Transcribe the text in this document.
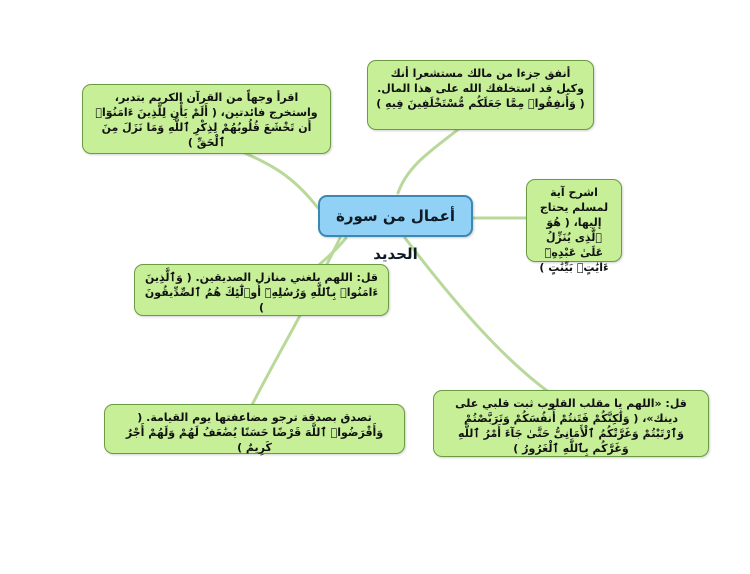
أنفق جزءا من مالك مستشعرا أنك وكيل قد استخلفك الله على هذا المال. ( وَأَنفِقُوا۟ مِمَّا جَعَلَكُم مُّسْتَخْلَفِينَ فِيهِ )

اقرأ وجهاً من القرآن الكريم بتدبر، واستخرج فائدتين، ( أَلَمْ يَأْنِ لِلَّذِينَ ءَامَنُوٓا۟ أَن تَخْشَعَ قُلُوبُهُمْ لِذِكْرِ ٱللَّهِ وَمَا نَزَلَ مِنَ ٱلْحَقِّ )

اشرح آية لمسلم يحتاج إليها، ( هُوَ ٱلَّذِى يُنَزِّلُ عَلَىٰ عَبْدِهِۦٓ ءَايَٰتٍۭ بَيِّنَٰتٍ )

أعمال من سورة الحديد

قل: اللهم بلغني منازل الصديقين. ( وَٱلَّذِينَ ءَامَنُوا۟ بِٱللَّهِ وَرُسُلِهِۦٓ أُو۟لَٰٓئِكَ هُمُ ٱلصِّدِّيقُونَ )

تصدق بصدقة ترجو مضاعفتها يوم القيامة. ( وَأَقْرَضُوا۟ ٱللَّهَ قَرْضًا حَسَنًا يُضَٰعَفُ لَهُمْ وَلَهُمْ أَجْرٌ كَرِيمٌ )

قل: «اللهم يا مقلب القلوب ثبت قلبي على دينك»، ( وَلَٰكِنَّكُمْ فَتَنتُمْ أَنفُسَكُمْ وَتَرَبَّصْتُمْ وَٱرْتَبْتُمْ وَغَرَّتْكُمُ ٱلْأَمَانِىُّ حَتَّىٰ جَآءَ أَمْرُ ٱللَّهِ وَغَرَّكُم بِٱللَّهِ ٱلْغَرُورُ )
